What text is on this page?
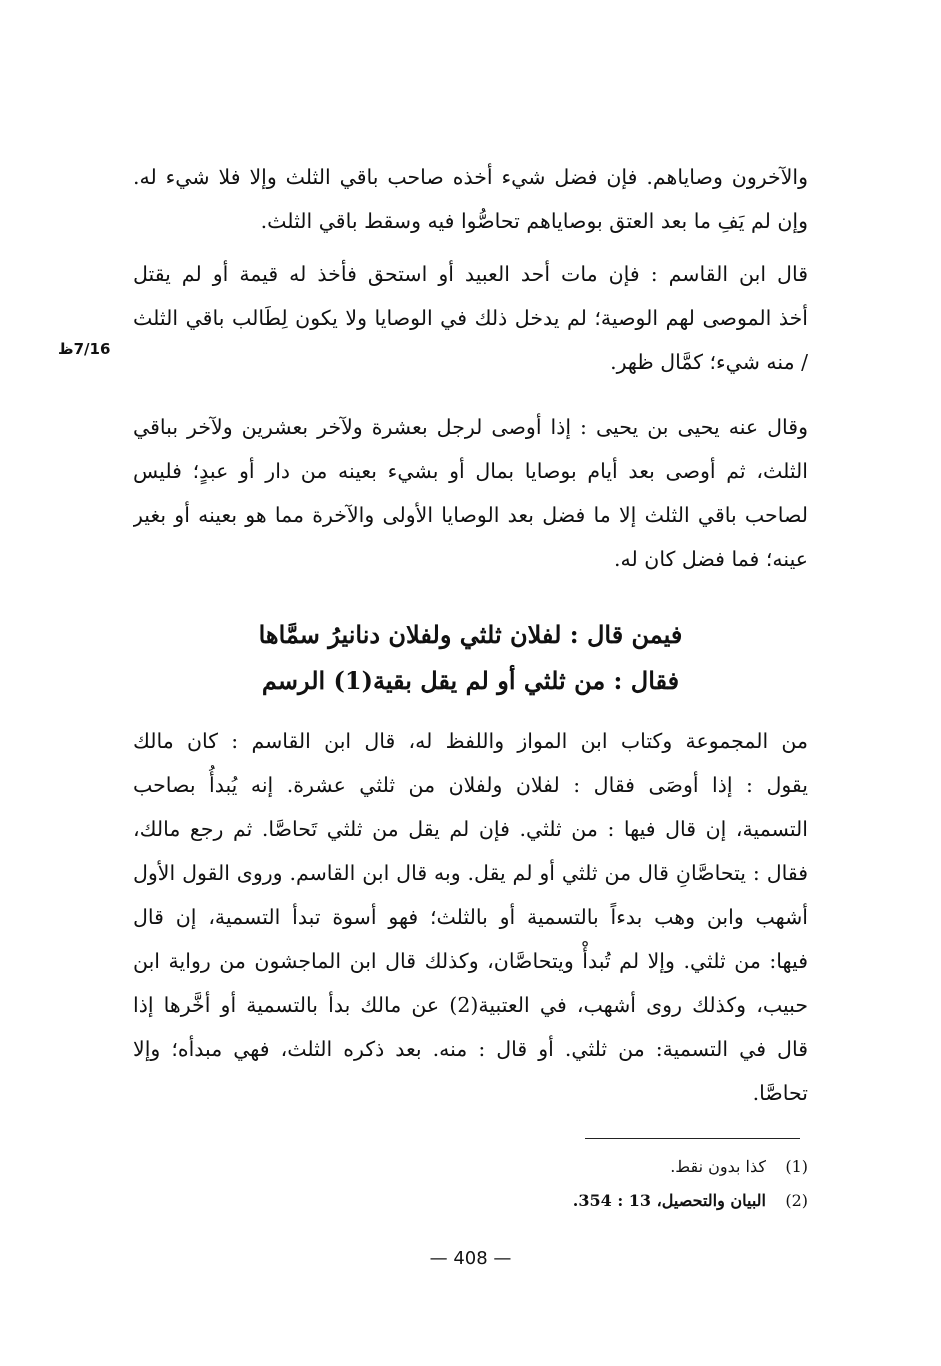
والآخرون وصاياهم. فإن فضل شيء أخذه صاحب باقي الثلث وإلا فلا شيء له.
وإن لم يَفِ ما بعد العتق بوصاياهم تحاصُّوا فيه وسقط باقي الثلث.
قال ابن القاسم : فإن مات أحد العبيد أو استحق فأخذ له قيمة أو لم يقتل
أخذ الموصى لهم الوصية؛ لم يدخل ذلك في الوصايا ولا يكون لِطَالب باقي الثلث
/ منه شيء؛ كمَّال ظهر.
7/16ظ
وقال عنه يحيى بن يحيى : إذا أوصى لرجل بعشرة ولآخر بعشرين ولآخر بباقي
الثلث، ثم أوصى بعد أيام بوصايا بمال أو بشيء بعينه من دار أو عبدٍ؛ فليس
لصاحب باقي الثلث إلا ما فضل بعد الوصايا الأولى والآخرة مما هو بعينه أو بغير
عينه؛ فما فضل كان له.
فيمن قال : لفلان ثلثي ولفلان دنانيرُ سمَّاها
فقال : من ثلثي أو لم يقل بقية(1) الرسم
من المجموعة وكتاب ابن المواز واللفظ له، قال ابن القاسم : كان مالك
يقول : إذا أوصَى فقال : لفلان ولفلان من ثلثي عشرة. إنه يُبدأُ بصاحب
التسمية، إن قال فيها : من ثلثي. فإن لم يقل من ثلثي تَحاصَّا. ثم رجع مالك،
فقال : يتحاصَّانِ قال من ثلثي أو لم يقل. وبه قال ابن القاسم. وروى القول الأول
أشهب وابن وهب بدءاً بالتسمية أو بالثلث؛ فهو أسوة تبدأ التسمية، إن قال
فيها: من ثلثي. وإلا لم تُبدأْ ويتحاصَّان، وكذلك قال ابن الماجشون من رواية ابن
حبيب، وكذلك روى أشهب، في العتبية(2) عن مالك بدأ بالتسمية أو أخَّرها إذا
قال في التسمية: من ثلثي. أو قال : منه. بعد ذكره الثلث، فهي مبدأه؛ وإلا
تحاصَّا.
(1)
كذا بدون نقط.
(2)
البيان والتحصيل، 13 : 354.
— 408 —
